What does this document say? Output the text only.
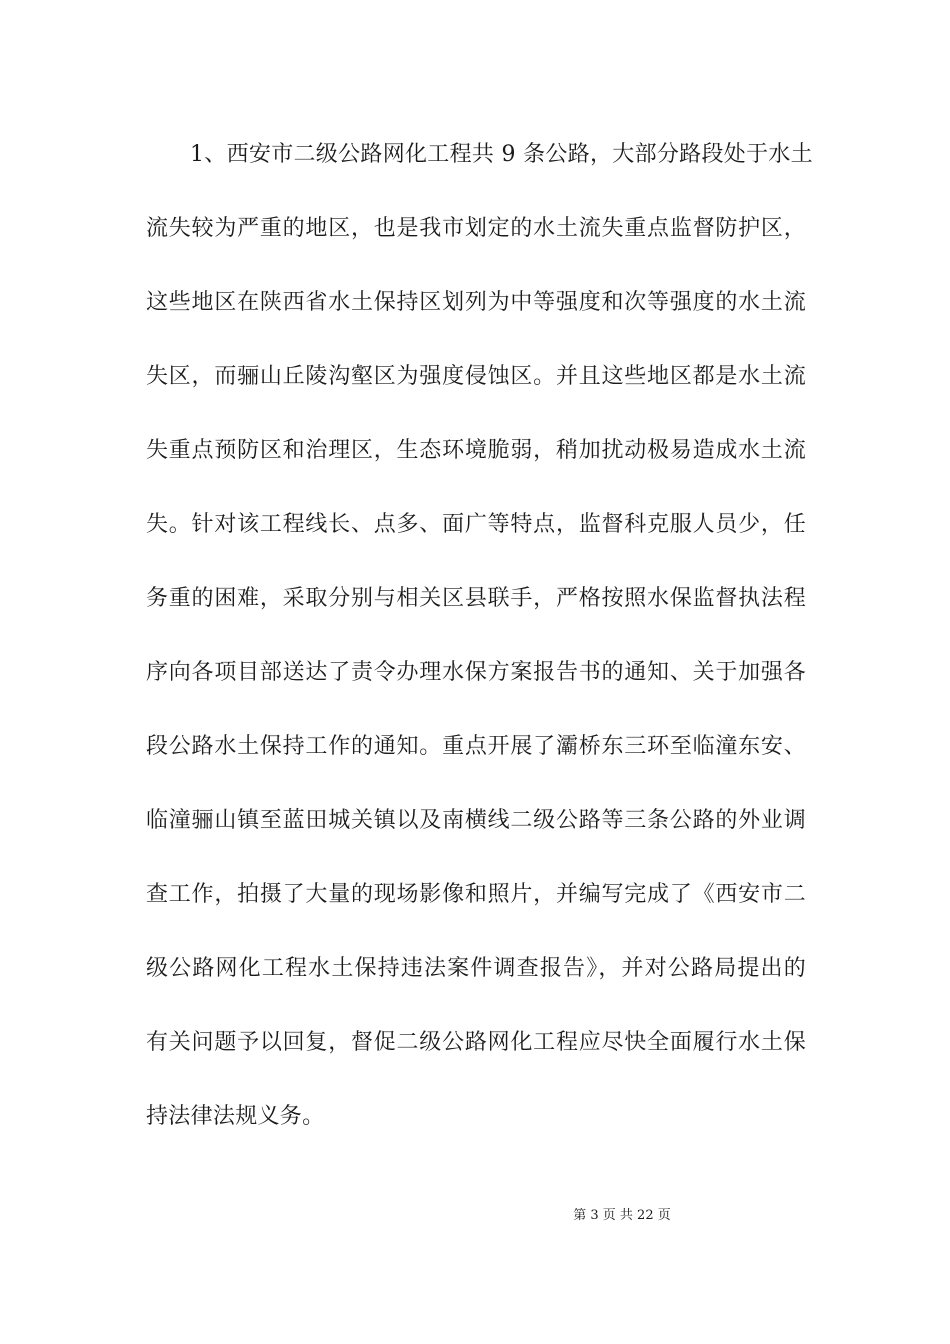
1、西安市二级公路网化工程共 9 条公路，大部分路段处于水土
流失较为严重的地区，也是我市划定的水土流失重点监督防护区，
这些地区在陕西省水土保持区划列为中等强度和次等强度的水土流
失区，而骊山丘陵沟壑区为强度侵蚀区。并且这些地区都是水土流
失重点预防区和治理区，生态环境脆弱，稍加扰动极易造成水土流
失。针对该工程线长、点多、面广等特点，监督科克服人员少，任
务重的困难，采取分别与相关区县联手，严格按照水保监督执法程
序向各项目部送达了责令办理水保方案报告书的通知、关于加强各
段公路水土保持工作的通知。重点开展了灞桥东三环至临潼东安、
临潼骊山镇至蓝田城关镇以及南横线二级公路等三条公路的外业调
查工作，拍摄了大量的现场影像和照片，并编写完成了《西安市二
级公路网化工程水土保持违法案件调查报告》，并对公路局提出的
有关问题予以回复，督促二级公路网化工程应尽快全面履行水土保
持法律法规义务。
第 3 页 共 22 页
